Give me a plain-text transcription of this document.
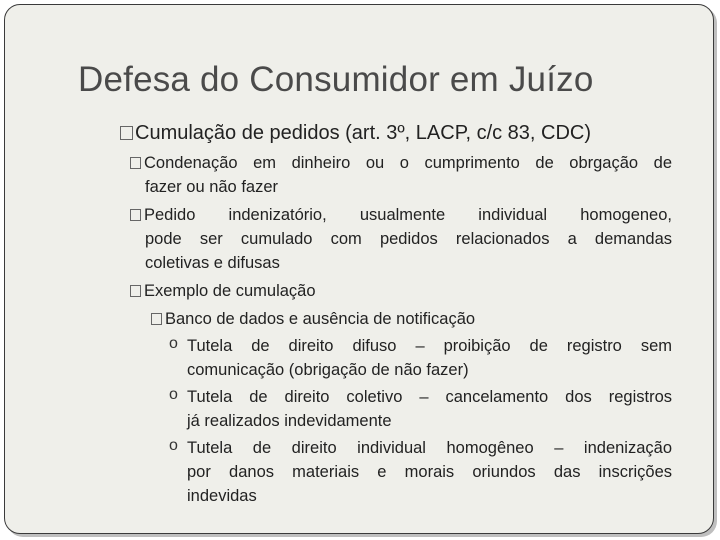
Defesa do Consumidor em Juízo
Cumulação de pedidos (art. 3º, LACP, c/c 83, CDC)
Condenação em dinheiro ou o cumprimento de obrgação de
fazer ou não fazer
Pedido indenizatório, usualmente individual homogeneo,
pode ser cumulado com pedidos relacionados a demandas
coletivas e difusas
Exemplo de cumulação
Banco de dados e ausência de notificação
o Tutela de direito difuso – proibição de registro sem
comunicação (obrigação de não fazer)
o Tutela de direito coletivo – cancelamento dos registros
já realizados indevidamente
o Tutela de direito individual homogêneo – indenização
por danos materiais e morais oriundos das inscrições
indevidas
